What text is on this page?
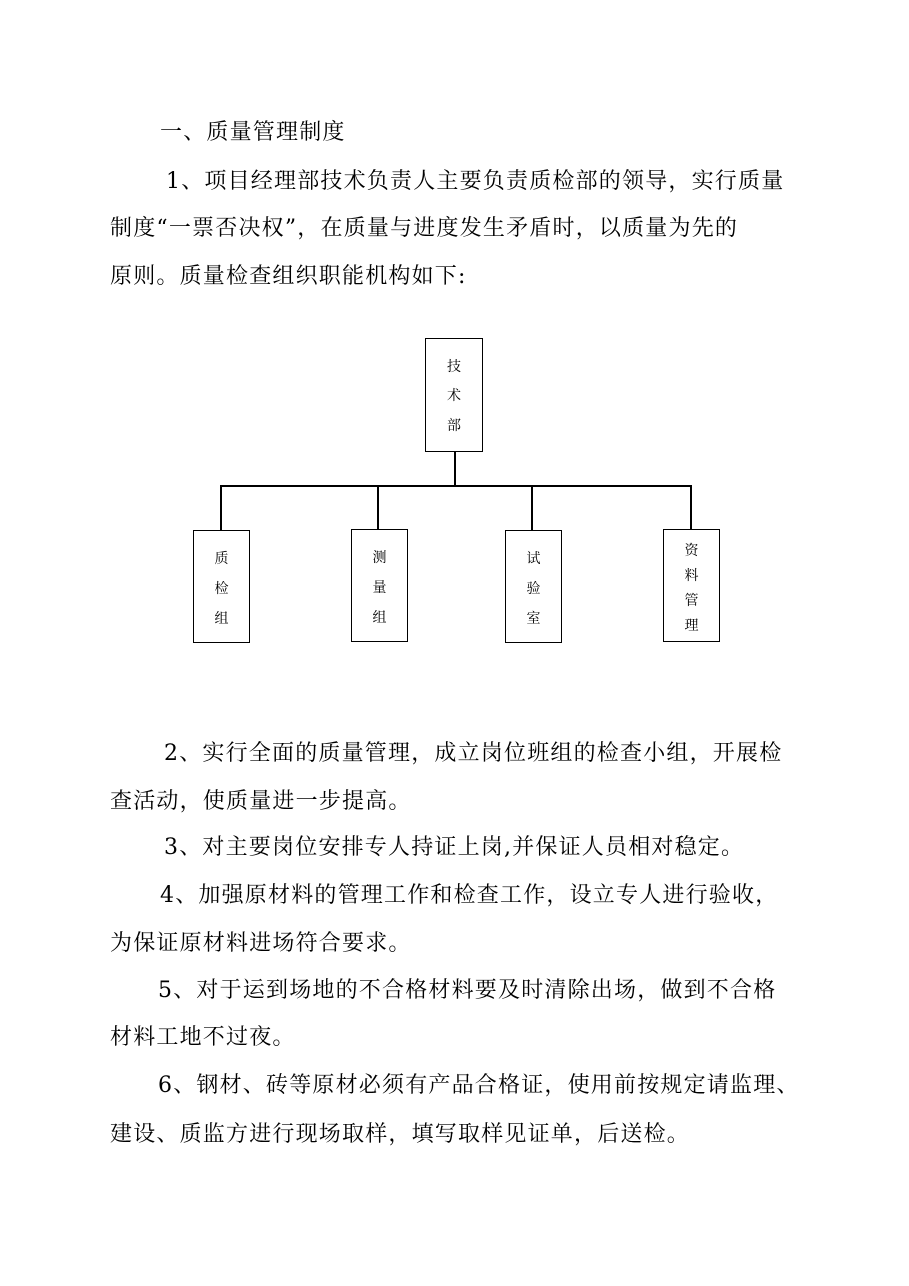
一、质量管理制度
1、项目经理部技术负责人主要负责质检部的领导，实行质量
制度“一票否决权”，在质量与进度发生矛盾时，以质量为先的
原则。质量检查组织职能机构如下:
技
术
部
质
检
组
测
量
组
试
验
室
资
料
管
理
2、实行全面的质量管理，成立岗位班组的检查小组，开展检
查活动，使质量进一步提高。
3、对主要岗位安排专人持证上岗,并保证人员相对稳定。
4、加强原材料的管理工作和检查工作，设立专人进行验收，
为保证原材料进场符合要求。
5、对于运到场地的不合格材料要及时清除出场，做到不合格
材料工地不过夜。
6、钢材、砖等原材必须有产品合格证，使用前按规定请监理、
建设、质监方进行现场取样，填写取样见证单，后送检。
